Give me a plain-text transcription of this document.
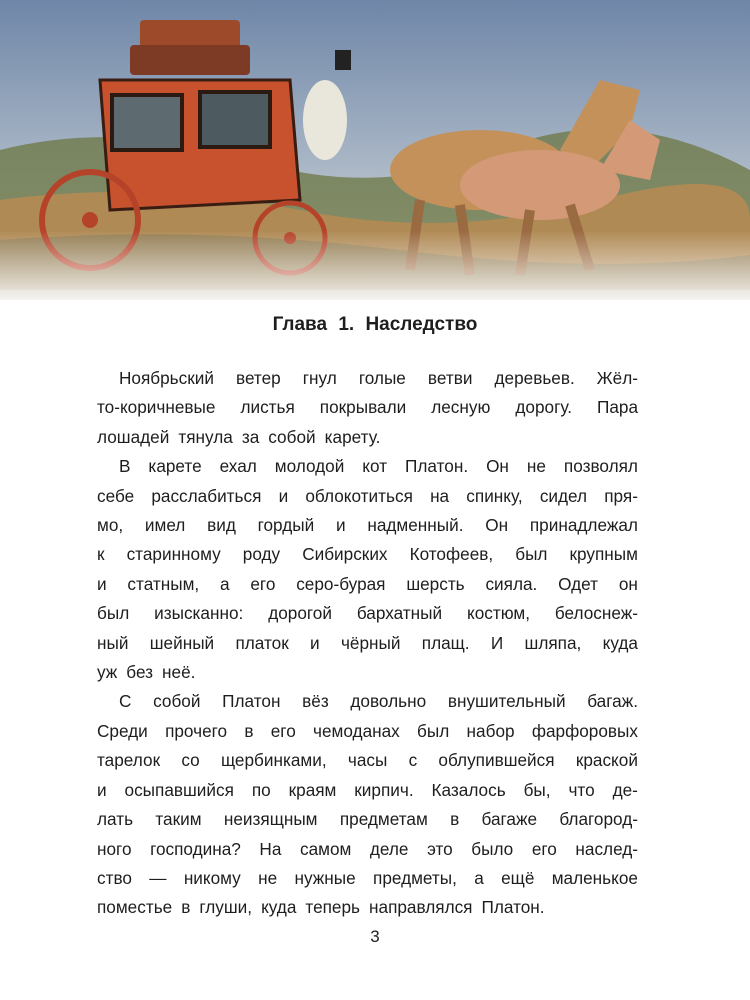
Глава 1. Наследство
Ноябрьский ветер гнул голые ветви деревьев. Жёл-
то-коричневые листья покрывали лесную дорогу. Пара
лошадей тянула за собой карету.
В карете ехал молодой кот Платон. Он не позволял
себе расслабиться и облокотиться на спинку, сидел пря-
мо, имел вид гордый и надменный. Он принадлежал
к старинному роду Сибирских Котофеев, был крупным
и статным, а его серо-бурая шерсть сияла. Одет он
был изысканно: дорогой бархатный костюм, белоснеж-
ный шейный платок и чёрный плащ. И шляпа, куда
уж без неё.
С собой Платон вёз довольно внушительный багаж.
Среди прочего в его чемоданах был набор фарфоровых
тарелок со щербинками, часы с облупившейся краской
и осыпавшийся по краям кирпич. Казалось бы, что де-
лать таким неизящным предметам в багаже благород-
ного господина? На самом деле это было его наслед-
ство — никому не нужные предметы, а ещё маленькое
поместье в глуши, куда теперь направлялся Платон.
3
